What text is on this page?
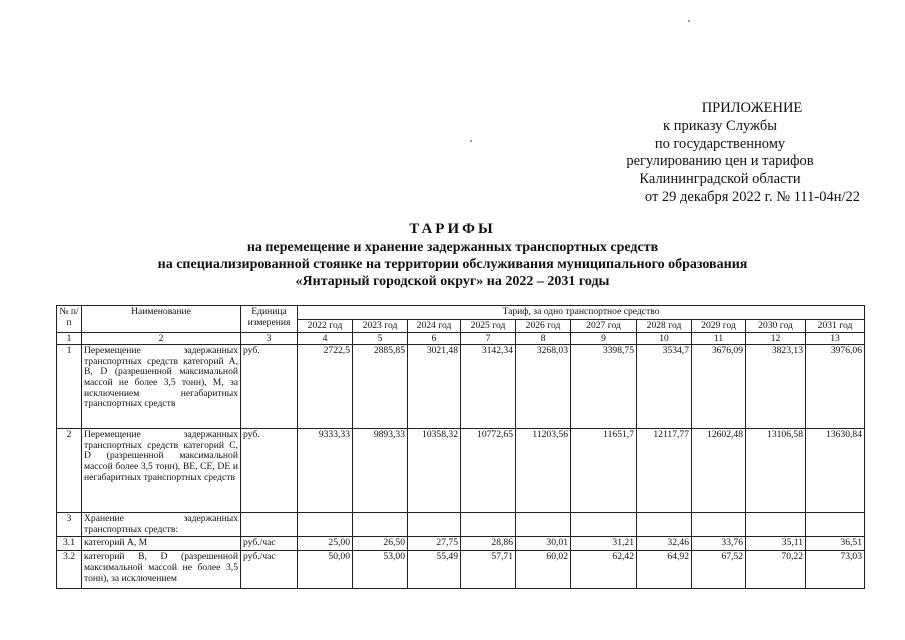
ПРИЛОЖЕНИЕ
к приказу Службы
по государственному
регулированию цен и тарифов
Калининградской области
от 29 декабря 2022 г. № 111-04н/22
ТАРИФЫ
на перемещение и хранение задержанных транспортных средств
на специализированной стоянке на территории обслуживания муниципального образования
«Янтарный городской округ» на 2022 – 2031 годы
№ п/п	Наименование	Единица измерения	Тариф, за одно транспортное средство									
			2022 год	2023 год	2024 год	2025 год	2026 год	2027 год	2028 год	2029 год	2030 год	2031 год
1	2	3	4	5	6	7	8	9	10	11	12	13
1	Перемещение задержанных транспортных средств категорий A, B, D (разрешенной максимальной массой не более 3,5 тонн), M, за исключением негабаритных транспортных средств	руб.	2722,5	2885,85	3021,48	3142,34	3268,03	3398,75	3534,7	3676,09	3823,13	3976,06
2	Перемещение задержанных транспортных средств категорий C, D (разрешенной максимальной массой более 3,5 тонн), BE, CE, DE и негабаритных транспортных средств	руб.	9333,33	9893,33	10358,32	10772,65	11203,56	11651,7	12117,77	12602,48	13106,58	13630,84
3	Хранение задержанных транспортных средств:											
3.1	категорий A, M	руб./час	25,00	26,50	27,75	28,86	30,01	31,21	32,46	33,76	35,11	36,51
3.2	категорий B, D (разрешенной максимальной массой не более 3,5 тонн), за исключением	руб./час	50,00	53,00	55,49	57,71	60,02	62,42	64,92	67,52	70,22	73,03
